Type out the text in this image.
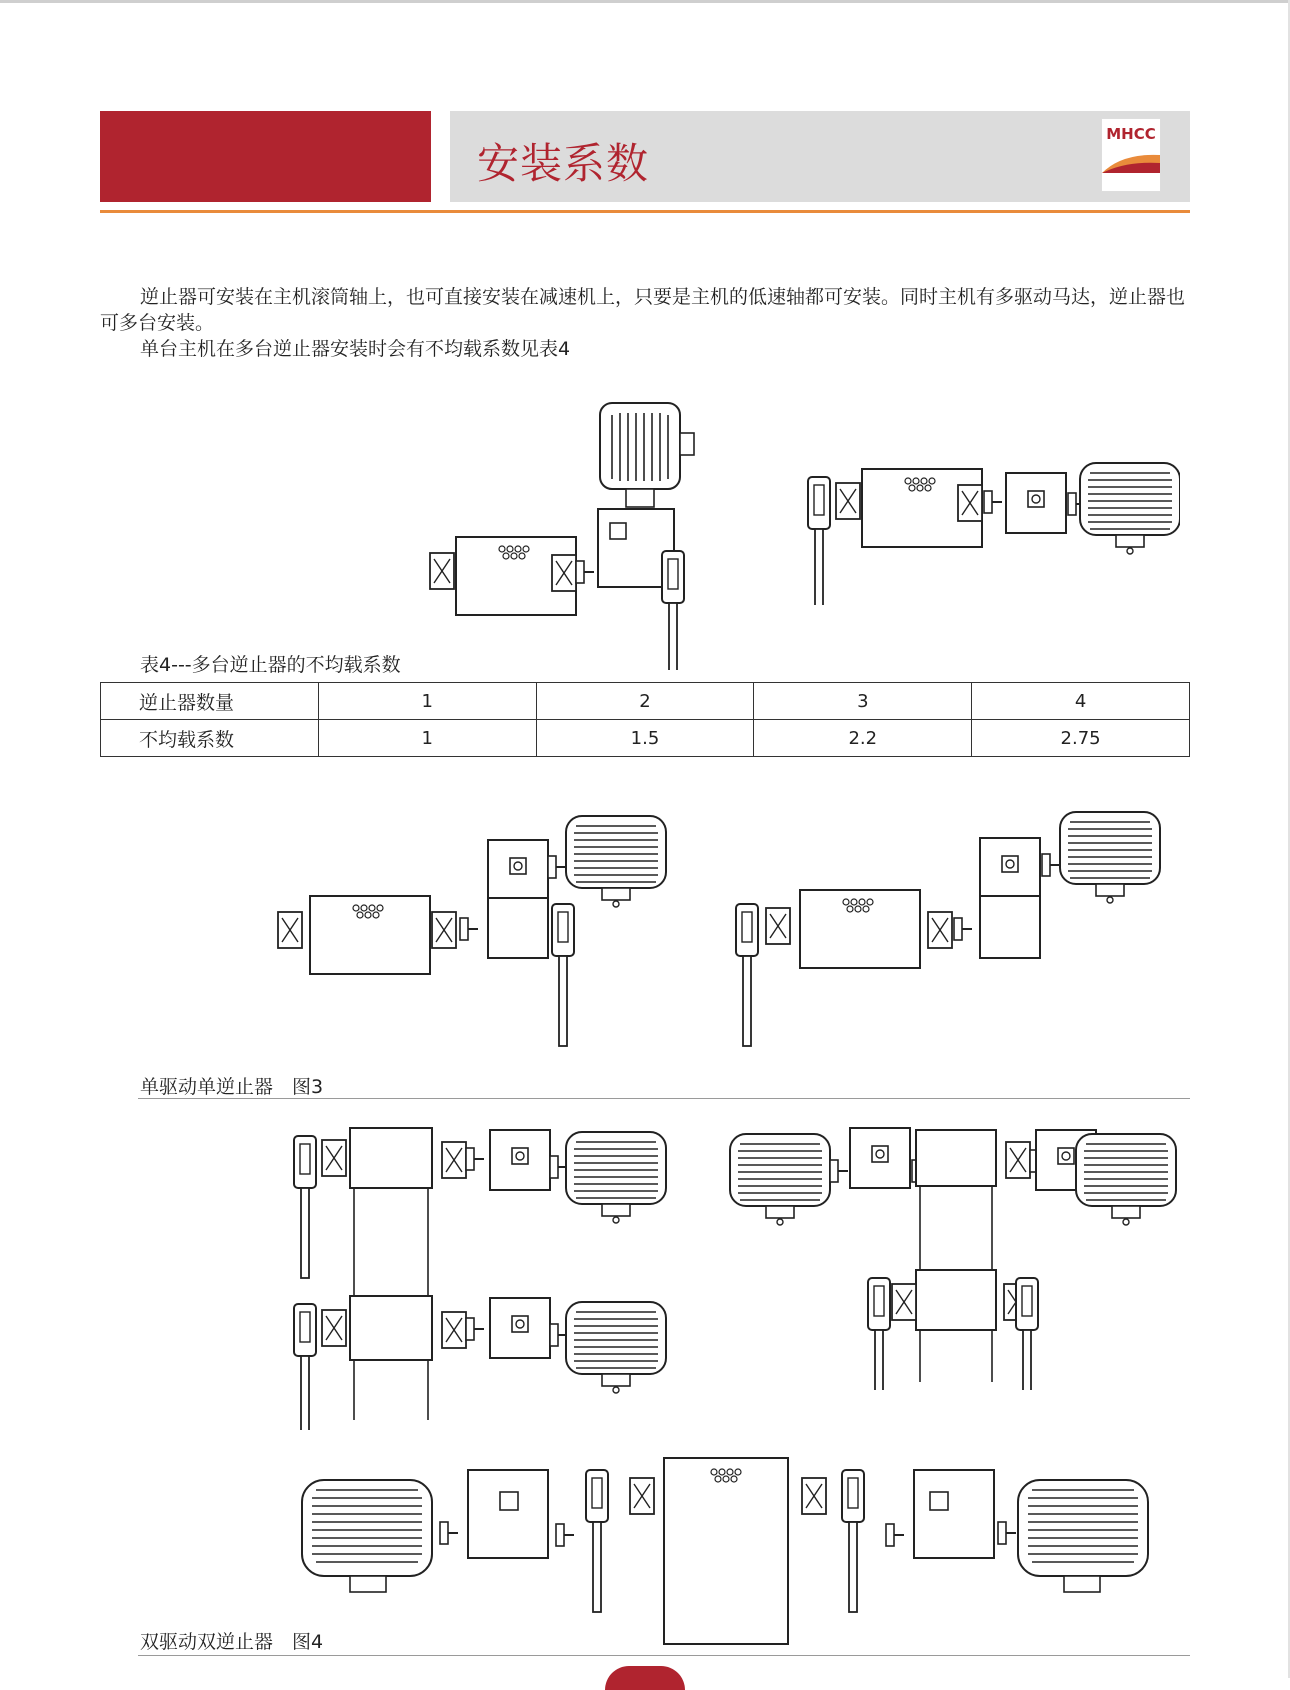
安装系数
MHCC
逆止器可安装在主机滚筒轴上，也可直接安装在减速机上，只要是主机的低速轴都可安装。同时主机有多驱动马达，逆止器也可多台安装。
单台主机在多台逆止器安装时会有不均载系数见表4
表4---多台逆止器的不均载系数
逆止器数量	1	2	3	4
不均载系数	1	1.5	2.2	2.75
单驱动单逆止器　图3
双驱动双逆止器　图4
